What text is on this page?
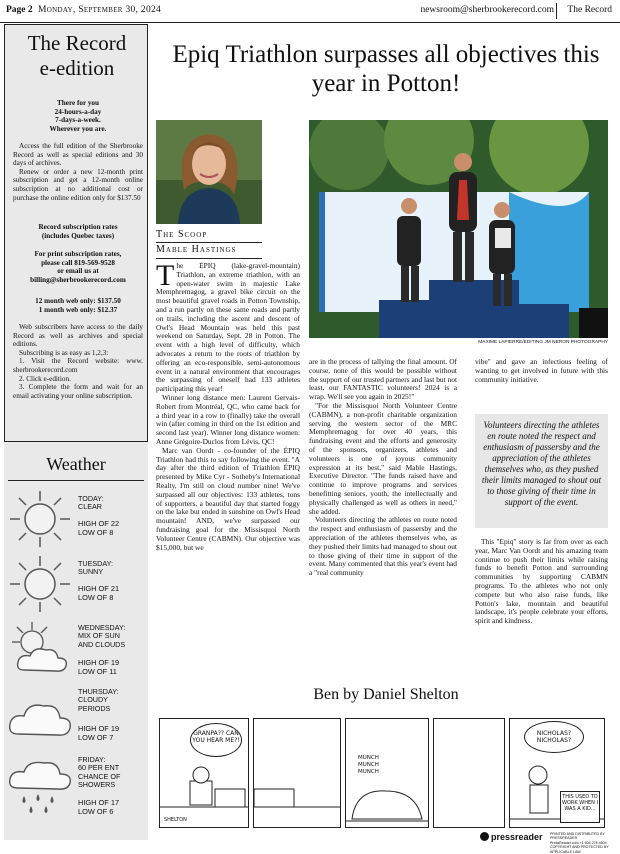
Page 2 Monday, September 30, 2024	newsroom@sherbrookerecord.com The Record
The Record
e-edition
There for you
24-hours-a-day
7-days-a-week.
Wherever you are.
Access the full edition of the Sherbrooke Record as well as special editions and 30 days of archives.
Renew or order a new 12-month print subscription and get a 12-month online subscription at no additional cost or purchase the online edition only for $137.50
Record subscription rates
(includes Quebec taxes)
For print subscription rates,
please call 819-569-9528
or email us at
billing@sherbrookerecord.com
12 month web only: $137.50
1 month web only: $12.37
Web subscribers have access to the daily Record as well as archives and special editions.
Subscribing is as easy as 1,2,3:
1. Visit the Record website: www. sherbrookerecord.com
2. Click e-edition.
3. Complete the form and wait for an email activating your online subscription.
Weather
TODAY:
CLEAR
HIGH OF 22
LOW OF 8
TUESDAY:
SUNNY
HIGH OF 21
LOW OF 8
WEDNESDAY:
MIX OF SUN
AND CLOUDS
HIGH OF 19
LOW OF 11
THURSDAY:
CLOUDY
PERIODS
HIGH OF 19
LOW OF 7
FRIDAY:
60 PER ENT
CHANCE OF
SHOWERS
HIGH OF 17
LOW OF 6
Epiq Triathlon surpasses all objectives this year in Potton!
The Scoop
Mable Hastings

The ÉPIQ (lake-gravel-mountain) Triathlon, an extreme triathlon, with an open-water swim in majestic Lake Memphremagog, a gravel bike circuit on the most beautiful gravel roads in Potton Township, and a run partly on these same roads and partly on trails, including the ascent and descent of Owl's Head Mountain was held this past weekend on Saturday, Sept. 28 in Potton. The event with a high level of difficulty, which advocates a return to the roots of triathlon by offering an eco-responsible, semi-autonomous event in a natural environment that encourages the surpassing of oneself had 133 athletes participating this year!

Winner long distance men: Laurent Gervais-Robert from Montréal, QC, who came back for a third year in a row to (finally) take the overall win (after coming in third on the 1st edition and second last year). Winner long distance women: Anne Grégoire-Duclos from Lévis, QC!

Marc van Oordt - co-founder of the ÉPIQ Triathlon had this to say following the event. "A day after the third edition of Triathlon ÉPIQ presented by Mike Cyr - Sotheby's International Realty, I'm still on cloud number nine! We've surpassed all our objectives: 133 athletes, tons of supporters, a beautiful day that started foggy on the lake but ended in sunshine on Owl's Head mountain! AND, we've surpassed our fundraising goal for the Missisquoi North Volunteer Centre (CABMN). Our objective was $15,000, but we

MAXIME LAPIERRE/EDITING JM NERON PHOTOGRAPHY

are in the process of tallying the final amount. Of course, none of this would be possible without the support of our trusted partners and last but not least, our FANTASTIC volunteers! 2024 is a wrap. We'll see you again in 2025!"

"For the Missisquoi North Volunteer Centre (CABMN), a non-profit charitable organization serving the western sector of the MRC Memphremagog for over 40 years, this fundraising event and the efforts and generosity of the sponsors, organizers, athletes and volunteers is one of joyous community expression at its best," said Mable Hastings, Executive Director. "The funds raised have and continue to improve programs and services benefitting seniors, youth, the intellectually and physically challenged as well as others in need," she added.

Volunteers directing the athletes en route noted the respect and enthusiasm of passersby and the appreciation of the athletes themselves who, as they pushed their limits had managed to shout out to those giving of their time in support of the event. Many commented that this year's event had a "real community

vibe" and gave an infectious feeling of wanting to get involved in future with this community initiative.

Volunteers directing the athletes en route noted the respect and enthusiasm of passersby and the appreciation of the athletes themselves who, as they pushed their limits managed to shout out to those giving of their time in support of the event.

This "Epiq" story is far from over as each year, Marc Van Oordt and his amazing team continue to push their limits while raising funds to benefit Potton and surrounding communities by supporting CABMN programs. To the athletes who not only compete but who also raise funds, like Potton's lake, mountain and beautiful landscape, it's people celebrate your efforts, spirit and kindness.

Ben by Daniel Shelton
GRANPA?? CAN YOU HEAR ME?!
SHELTON
MUNCH MUNCH MUNCH
NICHOLAS? NICHOLAS?
THIS USED TO WORK WHEN I WAS A KID...
pressreader PRINTED AND DISTRIBUTED BY PRESSREADER
PressReader.com +1 604 278 4604
COPYRIGHT AND PROTECTED BY APPLICABLE LAW
